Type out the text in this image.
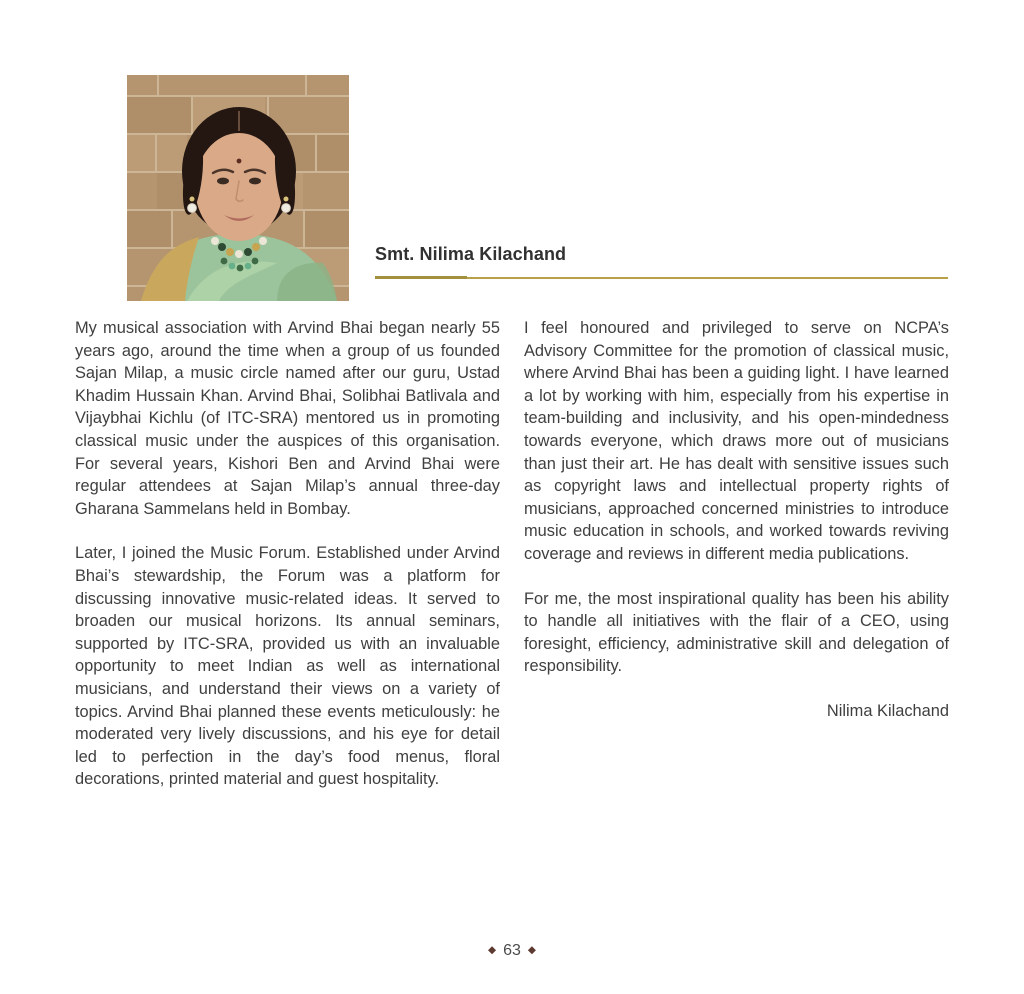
Smt. Nilima Kilachand

My musical association with Arvind Bhai began nearly 55 years ago, around the time when a group of us founded Sajan Milap, a music circle named after our guru, Ustad Khadim Hussain Khan. Arvind Bhai, Solibhai Batlivala and Vijaybhai Kichlu (of ITC-SRA) mentored us in promoting classical music under the auspices of this organisation. For several years, Kishori Ben and Arvind Bhai were regular attendees at Sajan Milap’s annual three-day Gharana Sammelans held in Bombay.

Later, I joined the Music Forum. Established under Arvind Bhai’s stewardship, the Forum was a platform for discussing innovative music-related ideas. It served to broaden our musical horizons. Its annual seminars, supported by ITC-SRA, provided us with an invaluable opportunity to meet Indian as well as international musicians, and understand their views on a variety of topics. Arvind Bhai planned these events meticulously: he moderated very lively discussions, and his eye for detail led to perfection in the day’s food menus, floral decorations, printed material and guest hospitality.

I feel honoured and privileged to serve on NCPA’s Advisory Committee for the promotion of classical music, where Arvind Bhai has been a guiding light. I have learned a lot by working with him, especially from his expertise in team-building and inclusivity, and his open-mindedness towards everyone, which draws more out of musicians than just their art. He has dealt with sensitive issues such as copyright laws and intellectual property rights of musicians, approached concerned ministries to introduce music education in schools, and worked towards reviving coverage and reviews in different media publications.

For me, the most inspirational quality has been his ability to handle all initiatives with the flair of a CEO, using foresight, efficiency, administrative skill and delegation of responsibility.

Nilima Kilachand
◆ 63 ◆
